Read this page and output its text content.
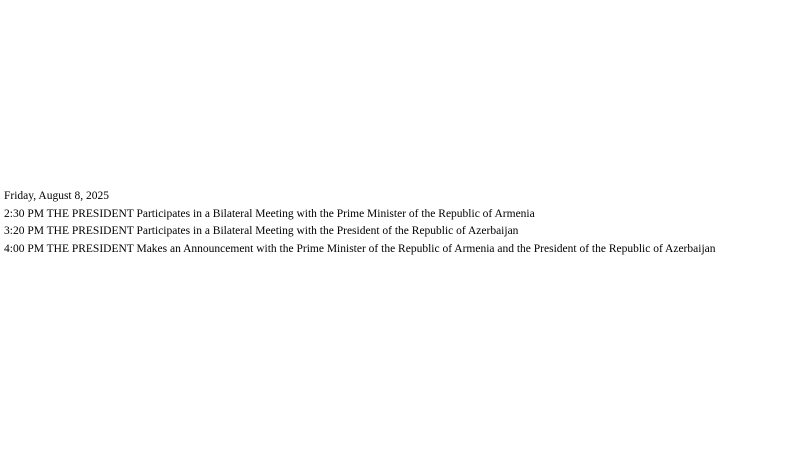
Friday, August 8, 2025
2:30 PM THE PRESIDENT Participates in a Bilateral Meeting with the Prime Minister of the Republic of Armenia
3:20 PM THE PRESIDENT Participates in a Bilateral Meeting with the President of the Republic of Azerbaijan
4:00 PM THE PRESIDENT Makes an Announcement with the Prime Minister of the Republic of Armenia and the President of the Republic of Azerbaijan
